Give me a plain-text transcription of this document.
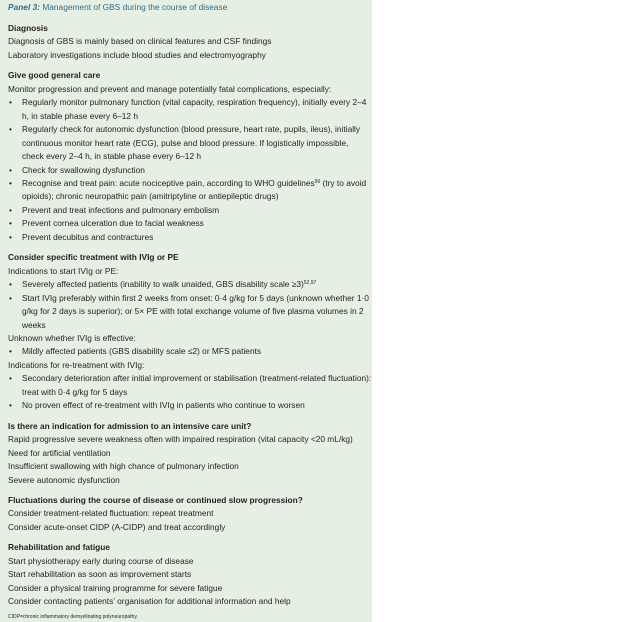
Panel 3: Management of GBS during the course of disease
Diagnosis
Diagnosis of GBS is mainly based on clinical features and CSF findings
Laboratory investigations include blood studies and electromyography
Give good general care
Monitor progression and prevent and manage potentially fatal complications, especially:
• Regularly monitor pulmonary function (vital capacity, respiration frequency), initially every 2–4 h, in stable phase every 6–12 h
• Regularly check for autonomic dysfunction (blood pressure, heart rate, pupils, ileus), initially continuous monitor heart rate (ECG), pulse and blood pressure. If logistically impossible, check every 2–4 h, in stable phase every 6–12 h
• Check for swallowing dysfunction
• Recognise and treat pain: acute nociceptive pain, according to WHO guidelines$^{96}$ (try to avoid opioids); chronic neuropathic pain (amitriptyline or antiepileptic drugs)
• Prevent and treat infections and pulmonary embolism
• Prevent cornea ulceration due to facial weakness
• Prevent decubitus and contractures
Consider specific treatment with IVIg or PE
Indications to start IVIg or PE:
• Severely affected patients (inability to walk unaided, GBS disability scale ≥3)$^{52,97}$
• Start IVIg preferably within first 2 weeks from onset: 0·4 g/kg for 5 days (unknown whether 1·0 g/kg for 2 days is superior); or 5× PE with total exchange volume of five plasma volumes in 2 weeks
Unknown whether IVIg is effective:
• Mildly affected patients (GBS disability scale ≤2) or MFS patients
Indications for re-treatment with IVIg:
• Secondary deterioration after initial improvement or stabilisation (treatment-related fluctuation): treat with 0·4 g/kg for 5 days
• No proven effect of re-treatment with IVIg in patients who continue to worsen
Is there an indication for admission to an intensive care unit?
Rapid progressive severe weakness often with impaired respiration (vital capacity <20 mL/kg)
Need for artificial ventilation
Insufficient swallowing with high chance of pulmonary infection
Severe autonomic dysfunction
Fluctuations during the course of disease or continued slow progression?
Consider treatment-related fluctuation: repeat treatment
Consider acute-onset CIDP (A-CIDP) and treat accordingly
Rehabilitation and fatigue
Start physiotherapy early during course of disease
Start rehabilitation as soon as improvement starts
Consider a physical training programme for severe fatigue
Consider contacting patients’ organisation for additional information and help
CIDP=chronic inflammatory demyelinating polyneuropathy.
